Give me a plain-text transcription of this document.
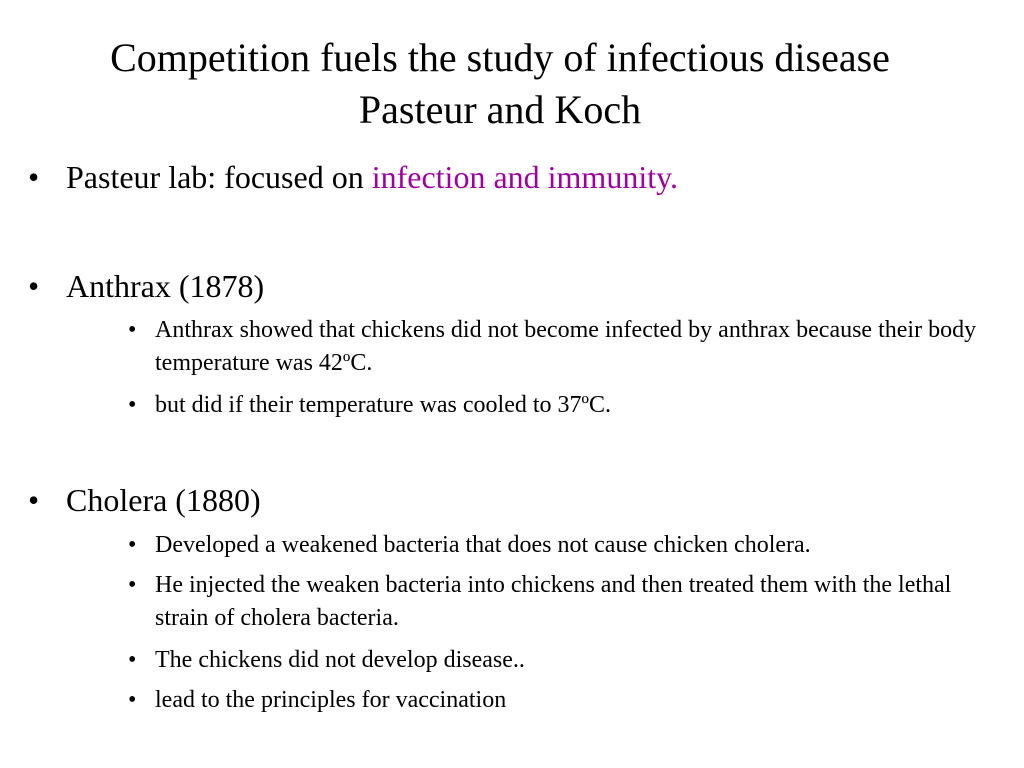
Competition fuels the study of infectious disease
Pasteur and Koch
• Pasteur lab: focused on infection and immunity.
• Anthrax (1878)
• Anthrax showed that chickens did not become infected by anthrax because their body temperature was 42ºC.
• but did if their temperature was cooled to 37ºC.
• Cholera (1880)
• Developed a weakened bacteria that does not cause chicken cholera.
• He injected the weaken bacteria into chickens and then treated them with the lethal strain of cholera bacteria.
• The chickens did not develop disease..
• lead to the principles for vaccination
